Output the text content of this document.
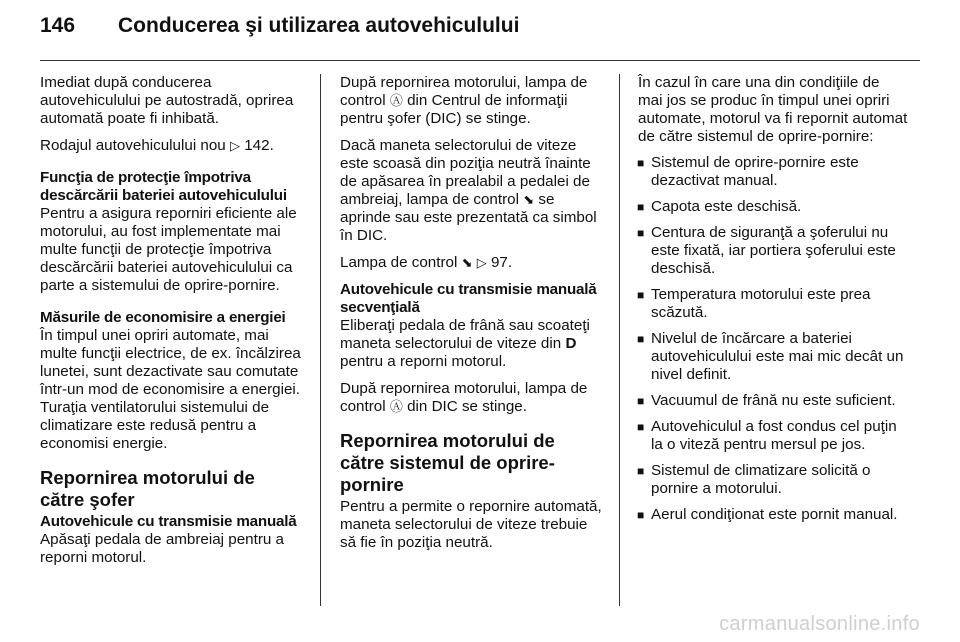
146 Conducerea şi utilizarea autovehiculului

Imediat după conducerea autovehiculului pe autostradă, oprirea automată poate fi inhibată.

Rodajul autovehiculului nou ▷ 142.

Funcţia de protecţie împotriva descărcării bateriei autovehiculului

Pentru a asigura reporniri eficiente ale motorului, au fost implementate mai multe funcţii de protecţie împotriva descărcării bateriei autovehiculului ca parte a sistemului de oprire-pornire.

Măsurile de economisire a energiei

În timpul unei opriri automate, mai multe funcţii electrice, de ex. încălzirea lunetei, sunt dezactivate sau comutate într-un mod de economisire a energiei. Turaţia ventilatorului sistemului de climatizare este redusă pentru a economisi energie.

Repornirea motorului de către şofer

Autovehicule cu transmisie manuală

Apăsaţi pedala de ambreiaj pentru a reporni motorul.

După repornirea motorului, lampa de control Ⓐ din Centrul de informaţii pentru şofer (DIC) se stinge.

Dacă maneta selectorului de viteze este scoasă din poziţia neutră înainte de apăsarea în prealabil a pedalei de ambreiaj, lampa de control ⬊ se aprinde sau este prezentată ca simbol în DIC.

Lampa de control ⬊ ▷ 97.

Autovehicule cu transmisie manuală secvenţială

Eliberaţi pedala de frână sau scoateţi maneta selectorului de viteze din D pentru a reporni motorul.

După repornirea motorului, lampa de control Ⓐ din DIC se stinge.

Repornirea motorului de către sistemul de oprire-pornire

Pentru a permite o repornire automată, maneta selectorului de viteze trebuie să fie în poziţia neutră.

În cazul în care una din condiţiile de mai jos se produc în timpul unei opriri automate, motorul va fi repornit automat de către sistemul de oprire-pornire:

■ Sistemul de oprire-pornire este dezactivat manual.
■ Capota este deschisă.
■ Centura de siguranţă a şoferului nu este fixată, iar portiera şoferului este deschisă.
■ Temperatura motorului este prea scăzută.
■ Nivelul de încărcare a bateriei autovehiculului este mai mic decât un nivel definit.
■ Vacuumul de frână nu este suficient.
■ Autovehiculul a fost condus cel puţin la o viteză pentru mersul pe jos.
■ Sistemul de climatizare solicită o pornire a motorului.
■ Aerul condiţionat este pornit manual.
carmanualsonline.info
